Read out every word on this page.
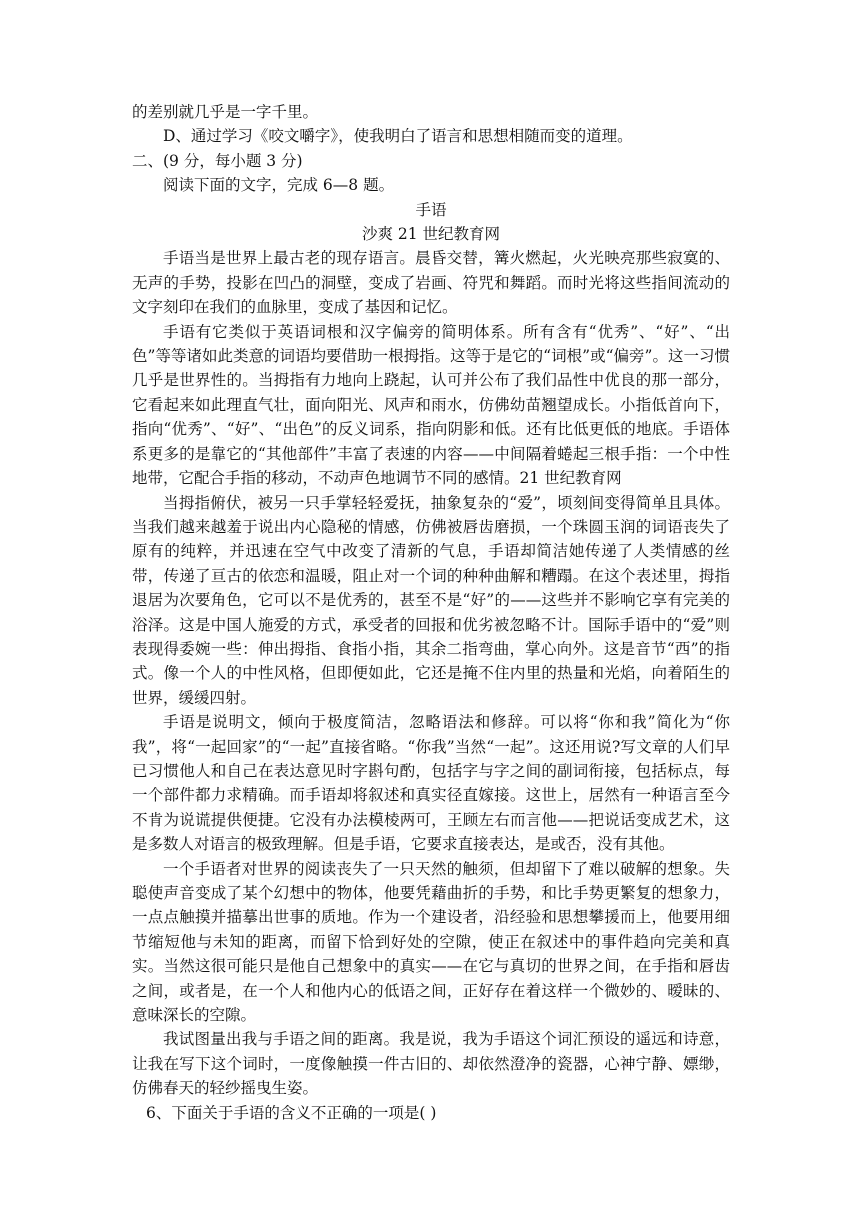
的差别就几乎是一字千里。

D、通过学习《咬文嚼字》，使我明白了语言和思想相随而变的道理。

二、(9 分，每小题 3 分)

阅读下面的文字，完成 6—8 题。

手语

沙爽 21 世纪教育网

手语当是世界上最古老的现存语言。晨昏交替，篝火燃起，火光映亮那些寂寞的、无声的手势，投影在凹凸的洞壁，变成了岩画、符咒和舞蹈。而时光将这些指间流动的文字刻印在我们的血脉里，变成了基因和记忆。

手语有它类似于英语词根和汉字偏旁的简明体系。所有含有“优秀”、“好”、“出色”等等诸如此类意的词语均要借助一根拇指。这等于是它的“词根”或“偏旁”。这一习惯几乎是世界性的。当拇指有力地向上跷起，认可并公布了我们品性中优良的那一部分，它看起来如此理直气壮，面向阳光、风声和雨水，仿佛幼苗翘望成长。小指低首向下，指向“优秀”、“好”、“出色”的反义词系，指向阴影和低。还有比低更低的地底。手语体系更多的是靠它的“其他部件”丰富了表速的内容——中间隔着蜷起三根手指：一个中性地带，它配合手指的移动，不动声色地调节不同的感情。21 世纪教育网

当拇指俯伏，被另一只手掌轻轻爱抚，抽象复杂的“爱”，顷刻间变得简单且具体。当我们越来越羞于说出内心隐秘的情感，仿佛被唇齿磨损，一个珠圆玉润的词语丧失了原有的纯粹，并迅速在空气中改变了清新的气息，手语却简洁她传递了人类情感的丝带，传递了亘古的依恋和温暖，阻止对一个词的种种曲解和糟蹋。在这个表述里，拇指退居为次要角色，它可以不是优秀的，甚至不是“好”的——这些并不影响它享有完美的浴泽。这是中国人施爱的方式，承受者的回报和优劣被忽略不计。国际手语中的“爱”则表现得委婉一些：伸出拇指、食指小指，其余二指弯曲，掌心向外。这是音节“西”的指式。像一个人的中性风格，但即便如此，它还是掩不住内里的热量和光焰，向着陌生的世界，缓缓四射。

手语是说明文，倾向于极度简洁，忽略语法和修辞。可以将“你和我”简化为“你我”，将“一起回家”的“一起”直接省略。“你我”当然“一起”。这还用说?写文章的人们早已习惯他人和自己在表达意见时字斟句酌，包括字与字之间的副词衔接，包括标点，每一个部件都力求精确。而手语却将叙述和真实径直嫁接。这世上，居然有一种语言至今不肯为说谎提供便捷。它没有办法模棱两可，王顾左右而言他——把说话变成艺术，这是多数人对语言的极致理解。但是手语，它要求直接表达，是或否，没有其他。

一个手语者对世界的阅读丧失了一只天然的触须，但却留下了难以破解的想象。失聪使声音变成了某个幻想中的物体，他要凭藉曲折的手势，和比手势更繁复的想象力，一点点触摸并描摹出世事的质地。作为一个建设者，沿经验和思想攀援而上，他要用细节缩短他与未知的距离，而留下恰到好处的空隙，使正在叙述中的事件趋向完美和真实。当然这很可能只是他自己想象中的真实——在它与真切的世界之间，在手指和唇齿之间，或者是，在一个人和他内心的低语之间，正好存在着这样一个微妙的、暧昧的、意味深长的空隙。

我试图量出我与手语之间的距离。我是说，我为手语这个词汇预设的遥远和诗意，让我在写下这个词时，一度像触摸一件古旧的、却依然澄净的瓷器，心神宁静、嫖缈，仿佛春天的轻纱摇曳生姿。

6、下面关于手语的含义不正确的一项是( )
